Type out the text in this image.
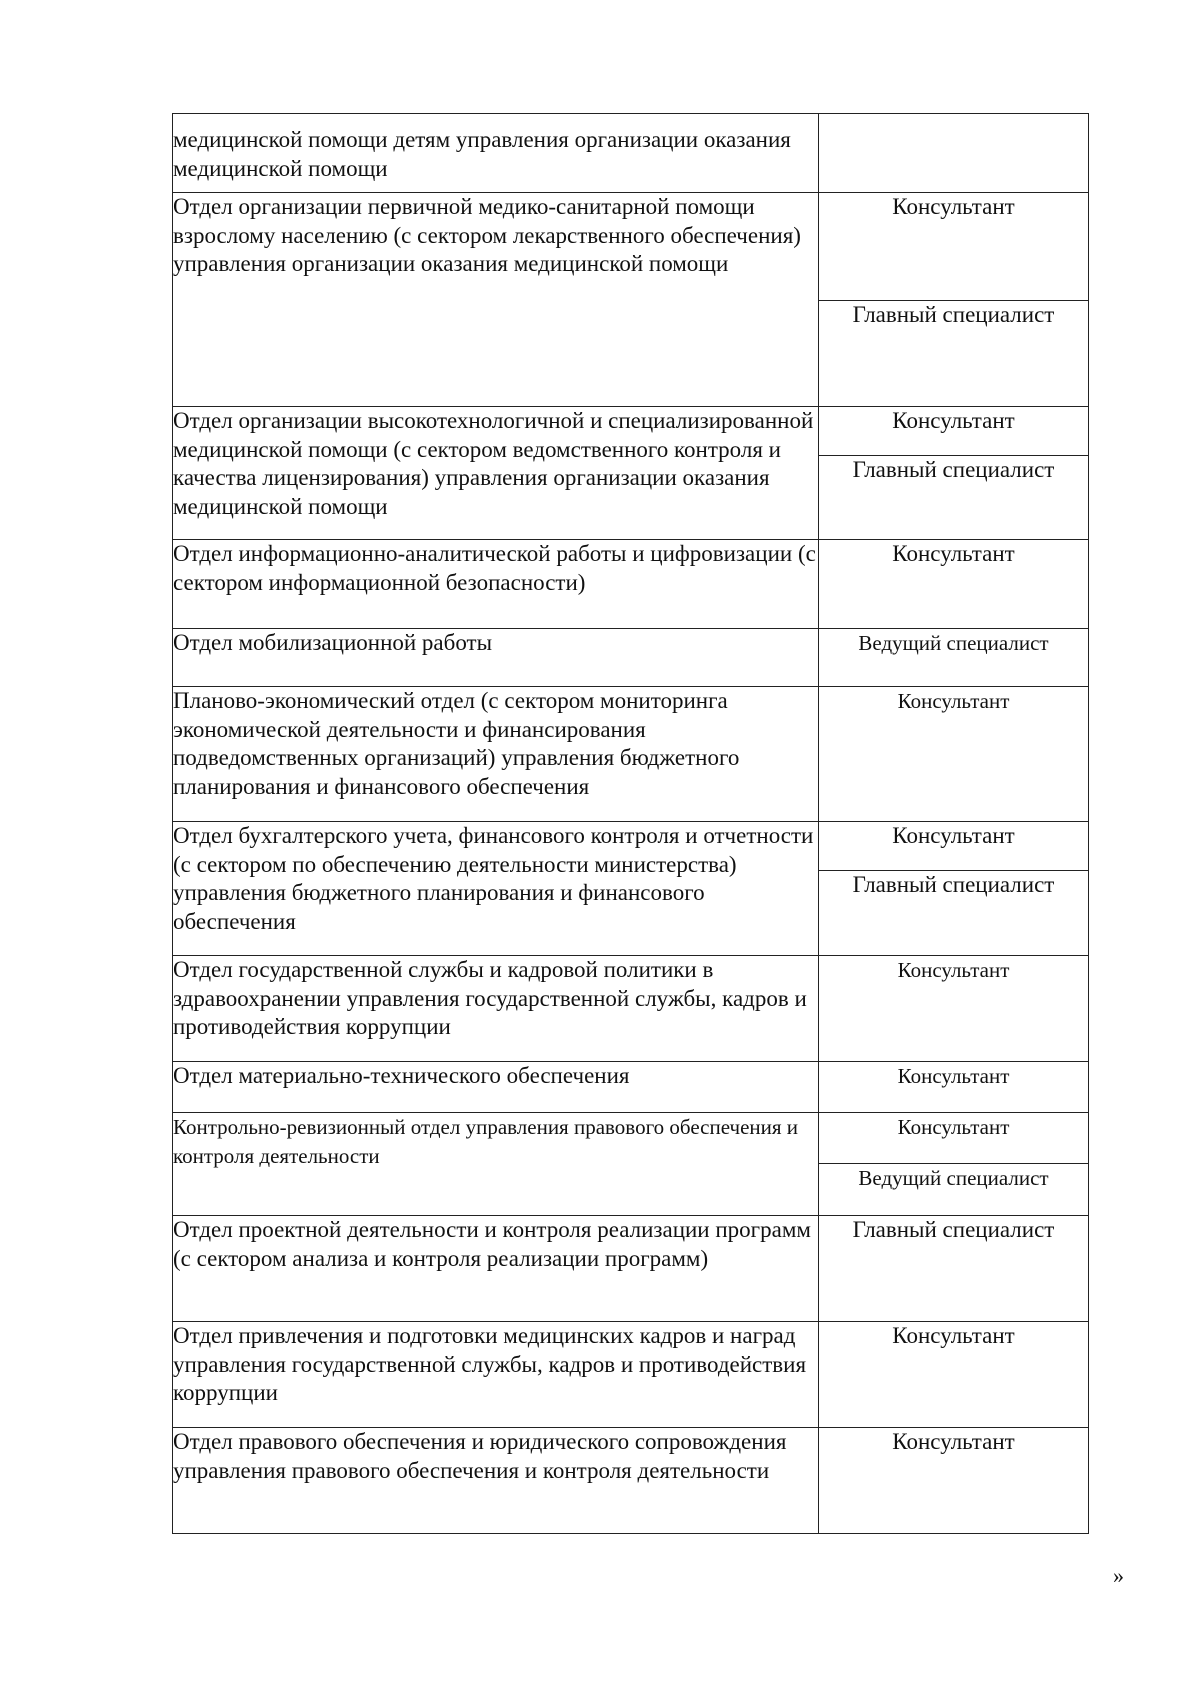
медицинской помощи детям управления организации оказания медицинской помощи	
Отдел организации первичной медико-санитарной помощи взрослому населению (с сектором лекарственного обеспечения) управления организации оказания медицинской помощи	Консультант
	Главный специалист
Отдел организации высокотехнологичной и специализированной медицинской помощи (с сектором ведомственного контроля и качества лицензирования) управления организации оказания медицинской помощи	Консультант
	Главный специалист
Отдел информационно-аналитической работы и цифровизации (с сектором информационной безопасности)	Консультант
Отдел мобилизационной работы	Ведущий специалист
Планово-экономический отдел (с сектором мониторинга экономической деятельности и финансирования подведомственных организаций) управления бюджетного планирования и финансового обеспечения	Консультант
Отдел бухгалтерского учета, финансового контроля и отчетности (с сектором по обеспечению деятельности министерства) управления бюджетного планирования и финансового обеспечения	Консультант
	Главный специалист
Отдел государственной службы и кадровой политики в здравоохранении управления государственной службы, кадров и противодействия коррупции	Консультант
Отдел материально-технического обеспечения	Консультант
Контрольно-ревизионный отдел управления правового обеспечения и контроля деятельности	Консультант
	Ведущий специалист
Отдел проектной деятельности и контроля реализации программ (с сектором анализа и контроля реализации программ)	Главный специалист
Отдел привлечения и подготовки медицинских кадров и наград управления государственной службы, кадров и противодействия коррупции	Консультант
Отдел правового обеспечения и юридического сопровождения управления правового обеспечения и контроля деятельности	Консультант
»
